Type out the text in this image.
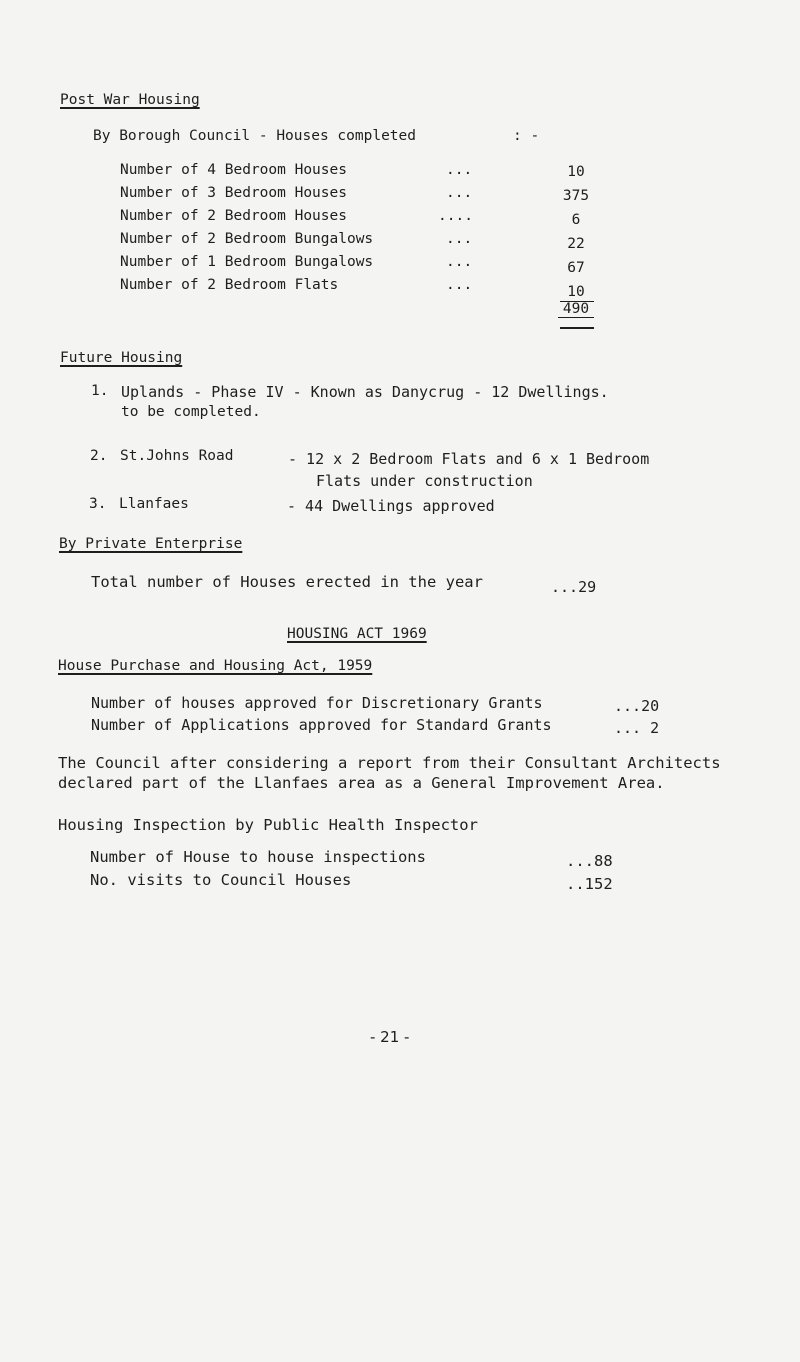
Post War Housing
By Borough Council - Houses completed	: -
Number of 4 Bedroom Houses	...	10
Number of 3 Bedroom Houses	...	375
Number of 2 Bedroom Houses	....	6
Number of 2 Bedroom Bungalows	...	22
Number of 1 Bedroom Bungalows	...	67
Number of 2 Bedroom Flats	...	10
490
Future Housing
1. Uplands - Phase IV - Known as Danycrug - 12 Dwellings.
to be completed.
2. St.Johns Road	- 12 x 2 Bedroom Flats and 6 x 1 Bedroom
Flats under construction
3. Llanfaes	- 44 Dwellings approved
By Private Enterprise
Total number of Houses erected in the year	...29
HOUSING ACT 1969
House Purchase and Housing Act, 1959
Number of houses approved for Discretionary Grants	...20
Number of Applications approved for Standard Grants	... 2
The Council after considering a report from their Consultant Architects
declared part of the Llanfaes area as a General Improvement Area.
Housing Inspection by Public Health Inspector
Number of House to house inspections	...88
No. visits to Council Houses	..152
- 21 -
